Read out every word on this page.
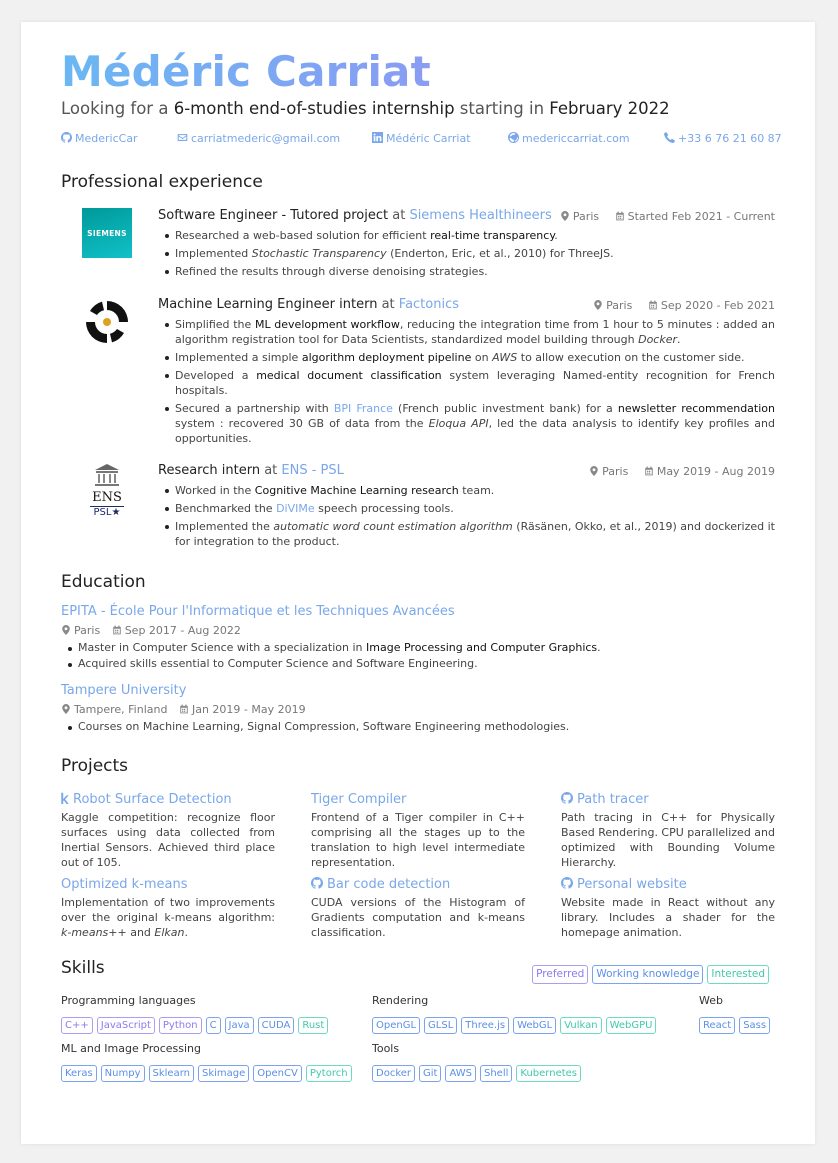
Médéric Carriat
Looking for a 6-month end-of-studies internship starting in February 2022
MedericCar	carriatmederic@gmail.com	Médéric Carriat	medericcarriat.com	+33 6 76 21 60 87
Professional experience
SIEMENS
Software Engineer - Tutored project at Siemens Healthineers	Paris	Started Feb 2021 - Current
Researched a web-based solution for efficient real-time transparency.
Implemented Stochastic Transparency (Enderton, Eric, et al., 2010) for ThreeJS.
Refined the results through diverse denoising strategies.
Machine Learning Engineer intern at Factonics	Paris	Sep 2020 - Feb 2021
Simplified the ML development workflow, reducing the integration time from 1 hour to 5 minutes : added an algorithm registration tool for Data Scientists, standardized model building through Docker.
Implemented a simple algorithm deployment pipeline on AWS to allow execution on the customer side.
Developed a medical document classification system leveraging Named-entity recognition for French hospitals.
Secured a partnership with BPI France (French public investment bank) for a newsletter recommendation system : recovered 30 GB of data from the Eloqua API, led the data analysis to identify key profiles and opportunities.
ENS
PSL★
Research intern at ENS - PSL	Paris	May 2019 - Aug 2019
Worked in the Cognitive Machine Learning research team.
Benchmarked the DiVIMe speech processing tools.
Implemented the automatic word count estimation algorithm (Räsänen, Okko, et al., 2019) and dockerized it for integration to the product.
Education
EPITA - École Pour l'Informatique et les Techniques Avancées
Paris Sep 2017 - Aug 2022
Master in Computer Science with a specialization in Image Processing and Computer Graphics.
Acquired skills essential to Computer Science and Software Engineering.
Tampere University
Tampere, Finland Jan 2019 - May 2019
Courses on Machine Learning, Signal Compression, Software Engineering methodologies.
Projects
Robot Surface Detection
Kaggle competition: recognize floor surfaces using data collected from Inertial Sensors. Achieved third place out of 105.
Tiger Compiler
Frontend of a Tiger compiler in C++ comprising all the stages up to the translation to high level intermediate representation.
Path tracer
Path tracing in C++ for Physically Based Rendering. CPU parallelized and optimized with Bounding Volume Hierarchy.
Optimized k-means
Implementation of two improvements over the original k-means algorithm: k-means++ and Elkan.
Bar code detection
CUDA versions of the Histogram of Gradients computation and k-means classification.
Personal website
Website made in React without any library. Includes a shader for the homepage animation.
Skills	Preferred Working knowledge Interested
Programming languages
C++ JavaScript Python C Java CUDA Rust
Rendering
OpenGL GLSL Three.js WebGL Vulkan WebGPU
Web
React Sass
ML and Image Processing
Keras Numpy Sklearn Skimage OpenCV Pytorch
Tools
Docker Git AWS Shell Kubernetes
